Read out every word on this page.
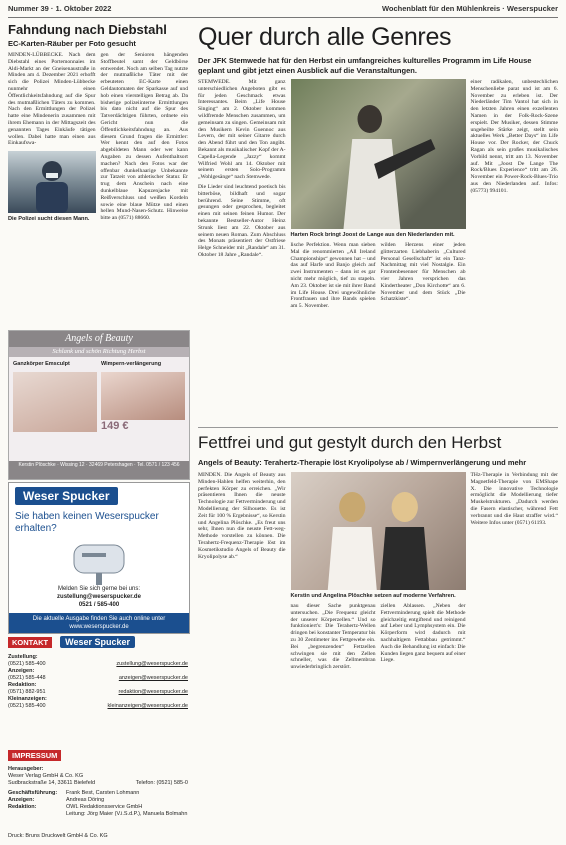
Nummer 39 · 1. Oktober 2022	Wochenblatt für den Mühlenkreis · Weserspucker
Fahndung nach Diebstahl
EC-Karten-Räuber per Foto gesucht
MINDEN-LÜBBECKE. Nach dem Diebstahl eines Portemonnaies im Aldi-Markt an der Gneisenaustraße in Minden am 4. Dezember 2021 erhofft sich die Polizei Minden-Lübbecke nunmehr einen Öffentlichkeitsfahndung auf die Spur des mutmaßlichen Täters zu kommen. Nach den Ermittlungen der Polizei hatte eine Mindenerin zusammen mit ihrem Ehemann in der Mittagszeit des genannten Tages Einkäufe tätigen wollen. Dabei hatte man einen aus Einkaufswa-
Die Polizei sucht diesen Mann.
gen der Senioren hängenden Stoffbeutel samt der Geldbörse entwendet. Noch am selben Tag nutzte der mutmaßliche Täter mit der erbeuteten EC-Karte einen Geldautomaten der Sparkasse auf und hob einen vierstelligen Betrag ab. Da bisherige polizeiinterne Ermittlungen bis dato nicht auf die Spur des Tatverdächtigen führten, ordnete ein Gericht nun die Öffentlichkeitsfahndung an. Aus diesem Grund fragen die Ermittler: Wer kennt den auf den Fotos abgebildeten Mann oder wer kann Angaben zu dessen Aufenthaltsort machen? Nach den Fotos war der offenbar dunkelhaarige Unbekannte zur Tatzeit von athletischer Statur. Er trug dem Anschein nach eine dunkelblaue Kapuzenjacke mit Reißverschluss und weißen Kordeln sowie eine blaue Mütze und einen hellen Mund-Nasen-Schutz. Hinweise bitte an (0571) 88660.
Angels of Beauty
Schlank und schön Richtung Herbst
Ganzkörper Emsculpt	Wimpern-verlängerung
149 €
Kerstin Plöschke · Wissing 12 · 32469 Petershagen · Tel. 0571 / 123 456
Weser Spucker
Sie haben keinen Weserspucker erhalten?
Melden Sie sich gerne bei uns:
zustellung@weserspucker.de
0521 / 585-400
Die aktuelle Ausgabe finden Sie auch online unter www.weserspucker.de
KONTAKT	Weser Spucker
Zustellung:
(0521) 585-400	zustellung@weserspucker.de
Anzeigen:
(0521) 585-448	anzeigen@weserspucker.de
Redaktion:
(0571) 882-951	redaktion@weserspucker.de
Kleinanzeigen:
(0521) 585-400	kleinanzeigen@weserspucker.de
IMPRESSUM
Herausgeber:
Weser Verlag GmbH & Co. KG
Sudbrackstraße 14, 33611 Bielefeld	Telefon: (0521) 585-0
Geschäftsführung:	Frank Best, Carsten Lohmann
Anzeigen:	Andreas Döring
Redaktion:	OWL Redaktionsservice GmbH
Leitung: Jörg Maier (V.i.S.d.P.), Manuela Bolmahn
Druck: Bruns Druckwelt GmbH & Co. KG
Quer durch alle Genres
Der JFK Stemwede hat für den Herbst ein umfangreiches kulturelles Programm im Life House geplant und gibt jetzt einen Ausblick auf die Veranstaltungen.
STEMWEDE. Mit ganz unterschiedlichen Angeboten gibt es für jeden Geschmack etwas Interessantes. Beim „Life House Singing“ am 2. Oktober kommen wildfremde Menschen zusammen, um gemeinsam zu singen. Gemeinsam mit den Musikern Kevin Guennoc aus Levern, der mit seiner Gitarre durch den Abend führt und den Ton angibt. Bekannt als musikalischer Kopf der A-Capella-Legende „Jazzy“ kommt Wilfried Wohl am 14. Oktober mit seinem ersten Solo-Programm „Wohlgesänge“ nach Stemwede.
Die Lieder sind leuchtend poetisch bis bitterböse, bildhaft und sogar berührend. Seine Stimme, oft gesungen oder gesprochen, begleitet einen mit seinen feinen Humor. Der bekannte Bestseller-Autor Heinz Strunk liest am 22. Oktober aus seinem neuen Roman. Zum Abschluss des Monats präsentiert der Ostfriese Helge Schneider mit „Randale“ am 31. Oktober 18 Jahre „Randale“.
Harten Rock bringt Joost de Lange aus den Niederlanden mit.
lische Perfektion. Wenn man sieben Mal die renommierten „All Ireland Championships“ gewonnen hat – und das auf Harfe und Banjo gleich auf zwei Instrumenten – dann ist es gar nicht mehr möglich, tief zu stapeln. Am 23. Oktober ist sie mit ihrer Band im Life House. Drei ungewöhnliche Frontfrauen und ihre Bands spielen am 5. November.
wilden Herzens einer jeden glitterzarten Liebhaberin „Cultured Personal Gesellschaft“ ist ein Tanz-Nachmittag mit viel Nostalgie. Ein Frontenbesenner für Menschen ab vier Jahren versprichen das Kindertheater „Don Kirchotte“ am 6. November und dem Stück „Die Schatzkiste“.
einer radikalen, unbestechlichen Menschenliebe parat und ist am 6. November zu erleben ist. Der Niederländer Tim Vantol hat sich in den letzten Jahren einen exzellenten Namen in der Folk-Rock-Szene erspielt. Der Musiker, dessen Stimme ungeheilte Stärke zeigt, stellt sein aktuelles Werk „Better Days“ im Life House vor. Der Rocker, der Chuck Ragan als sein großes musikalisches Vorbild nennt, tritt am 13. November auf. Mit „Joost De Lange The Rock/Blues Experience“ tritt am 26. November ein Power-Rock-Blues-Trio aus den Niederlanden auf. Infos: (05773) 994101.
Fettfrei und gut gestylt durch den Herbst
Angels of Beauty: Terahertz-Therapie löst Kryolipolyse ab / Wimpernverlängerung und mehr
MINDEN. Die Angels of Beauty aus Minden-Hahlen helfen weiterhin, den perfekten Körper zu erreichen. „Wir präsentieren Ihnen die neuste Technologie zur Fettverminderung und Modellierung der Silhouette. Es ist Zeit für 100 % Ergebnisse“, so Kerstin und Angelina Plöschke. „Es freut uns sehr, Ihnen nun die neuste Fett-weg-Methode vorstellen zu können. Die Terahertz-Frequenz-Therapie löst im Kosmetikstudio Angels of Beauty die Kryolipolyse ab.“
Kerstin und Angelina Plöschke setzen auf moderne Verfahren.
nau dieser Sache punktgenau untersuchen. „Die Frequenz gleicht der unserer Körperzellen.“ Und so funktioniert's: Die Terahertz-Wellen dringen bei konstanter Temperatur bis zu 30 Zentimeter ins Fettgewebe ein. Bei „begrenzenden“ Fettzellen schwingen sie mit den Zellen schneller, was die Zellmembran unwiederbringlich zerstört.
ziellen Ablassen. „Neben der Fettverminderung spielt die Methode gleichzeitig entgiftend und reinigend auf Leber und Lymphsystem ein. Die Körperform wird dadurch mit nachhaltigem Fettabbau getrimmt.“ Auch die Behandlung ist einfach: Die Kunden liegen ganz bequem auf einer Liege.
THz-Therapie in Verbindung mit der Magnetfeld-Therapie von EMShape X. Die innovative Technologie ermöglicht die Modellierung tiefer Muskelstrukturen. „Dadurch werden die Fasern elastischer, während Fett verbrannt und die Haut straffer wird.“ Weitere Infos unter (0571) 61193.
